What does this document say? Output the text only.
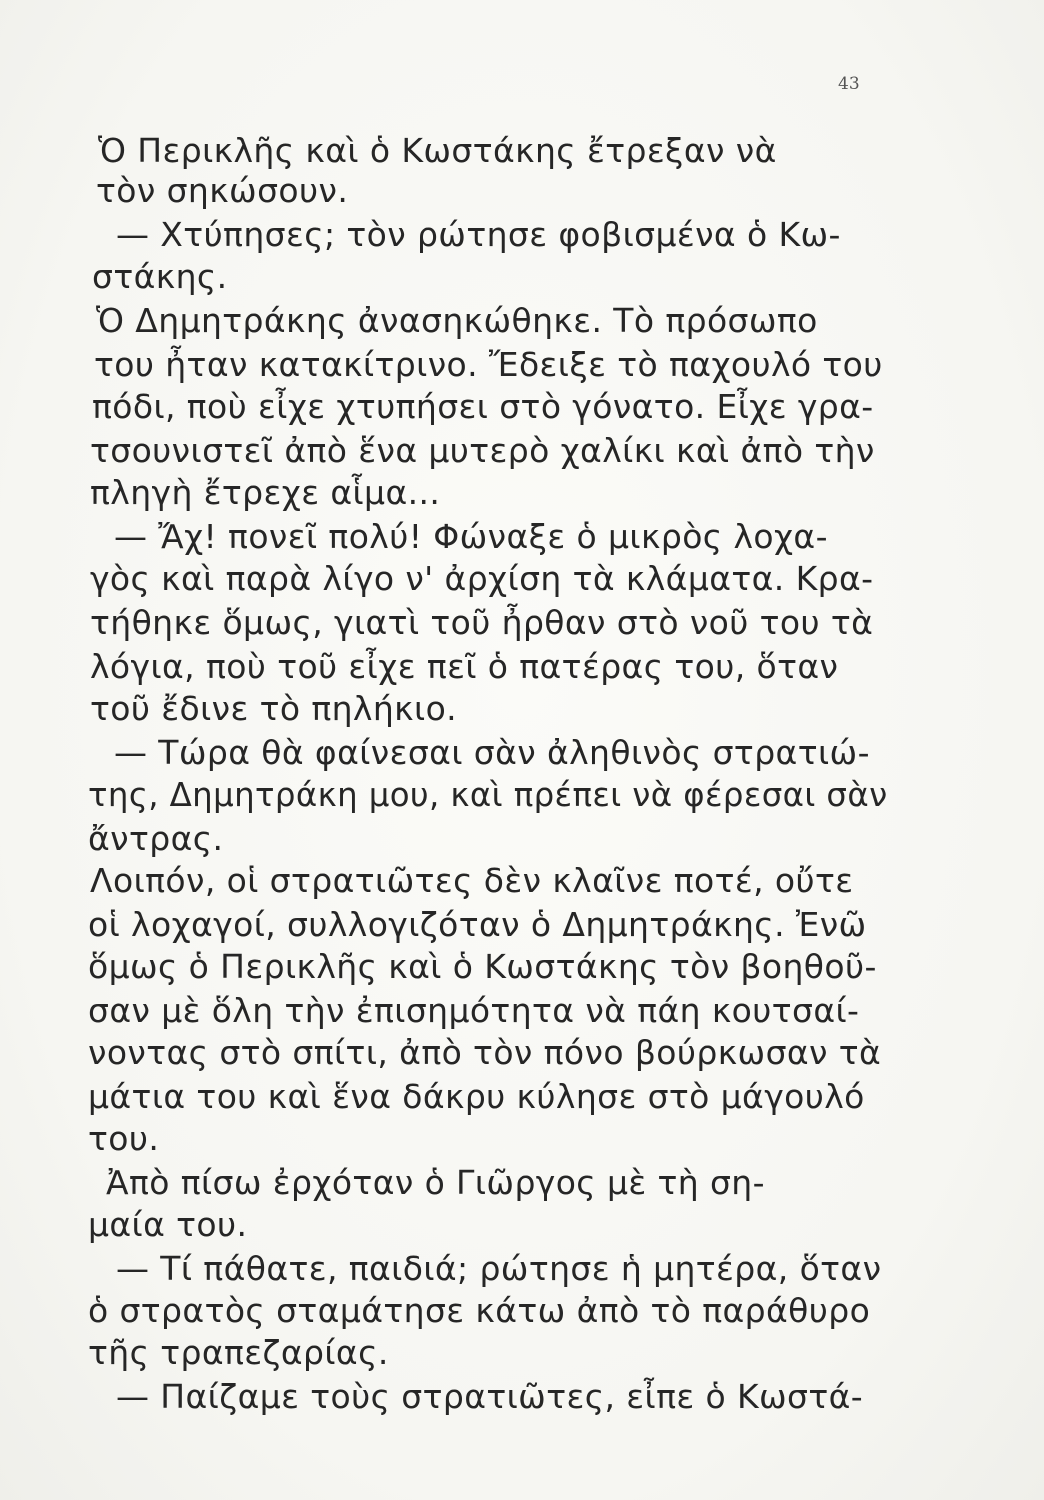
43
Ὁ Περικλῆς καὶ ὁ Κωστάκης ἔτρεξαν νὰ
τὸν σηκώσουν.
— Χτύπησες; τὸν ρώτησε φοβισμένα ὁ Κω-
στάκης.
Ὁ Δημητράκης ἀνασηκώθηκε. Τὸ πρόσωπο
του ἦταν κατακίτρινο. Ἔδειξε τὸ παχουλό του
πόδι, ποὺ εἶχε χτυπήσει στὸ γόνατο. Εἶχε γρα-
τσουνιστεῖ ἀπὸ ἕνα μυτερὸ χαλίκι καὶ ἀπὸ τὴν
πληγὴ ἔτρεχε αἷμα...
— Ἄχ! πονεῖ πολύ! Φώναξε ὁ μικρὸς λοχα-
γὸς καὶ παρὰ λίγο ν' ἀρχίση τὰ κλάματα. Κρα-
τήθηκε ὅμως, γιατὶ τοῦ ἦρθαν στὸ νοῦ του τὰ
λόγια, ποὺ τοῦ εἶχε πεῖ ὁ πατέρας του, ὅταν
τοῦ ἔδινε τὸ πηλήκιο.
— Τώρα θὰ φαίνεσαι σὰν ἀληθινὸς στρατιώ-
της, Δημητράκη μου, καὶ πρέπει νὰ φέρεσαι σὰν
ἄντρας.
Λοιπόν, οἱ στρατιῶτες δὲν κλαῖνε ποτέ, οὔτε
οἱ λοχαγοί, συλλογιζόταν ὁ Δημητράκης. Ἐνῶ
ὅμως ὁ Περικλῆς καὶ ὁ Κωστάκης τὸν βοηθοῦ-
σαν μὲ ὅλη τὴν ἐπισημότητα νὰ πάη κουτσαί-
νοντας στὸ σπίτι, ἀπὸ τὸν πόνο βούρκωσαν τὰ
μάτια του καὶ ἕνα δάκρυ κύλησε στὸ μάγουλό
του.
Ἀπὸ πίσω ἐρχόταν ὁ Γιῶργος μὲ τὴ ση-
μαία του.
— Τί πάθατε, παιδιά; ρώτησε ἡ μητέρα, ὅταν
ὁ στρατὸς σταμάτησε κάτω ἀπὸ τὸ παράθυρο
τῆς τραπεζαρίας.
— Παίζαμε τοὺς στρατιῶτες, εἶπε ὁ Κωστά-
